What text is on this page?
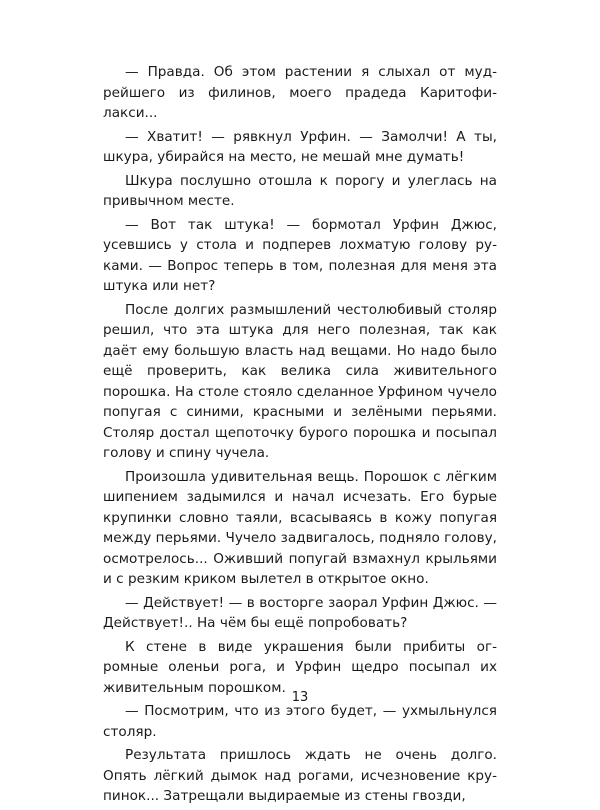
— Правда. Об этом растении я слыхал от мудрейшего из филинов, моего прадеда Каритофилакси...

— Хватит! — рявкнул Урфин. — Замолчи! А ты, шкура, убирайся на место, не мешай мне думать!

Шкура послушно отошла к порогу и улеглась на привычном месте.

— Вот так штука! — бормотал Урфин Джюс, усевшись у стола и подперев лохматую голову руками. — Вопрос теперь в том, полезная для меня эта штука или нет?

После долгих размышлений честолюбивый столяр решил, что эта штука для него полезная, так как даёт ему большую власть над вещами. Но надо было ещё проверить, как велика сила живительного порошка. На столе стояло сделанное Урфином чучело попугая с синими, красными и зелёными перьями. Столяр достал щепоточку бурого порошка и посыпал голову и спину чучела.

Произошла удивительная вещь. Порошок с лёгким шипением задымился и начал исчезать. Его бурые крупинки словно таяли, всасываясь в кожу попугая между перьями. Чучело задвигалось, подняло голову, осмотрелось... Оживший попугай взмахнул крыльями и с резким криком вылетел в открытое окно.

— Действует! — в восторге заорал Урфин Джюс. — Действует!.. На чём бы ещё попробовать?

К стене в виде украшения были прибиты огромные оленьи рога, и Урфин щедро посыпал их живительным порошком.

— Посмотрим, что из этого будет, — ухмыльнулся столяр.

Результата пришлось ждать не очень долго. Опять лёгкий дымок над рогами, исчезновение крупинок... Затрещали выдираемые из стены гвозди,

13
